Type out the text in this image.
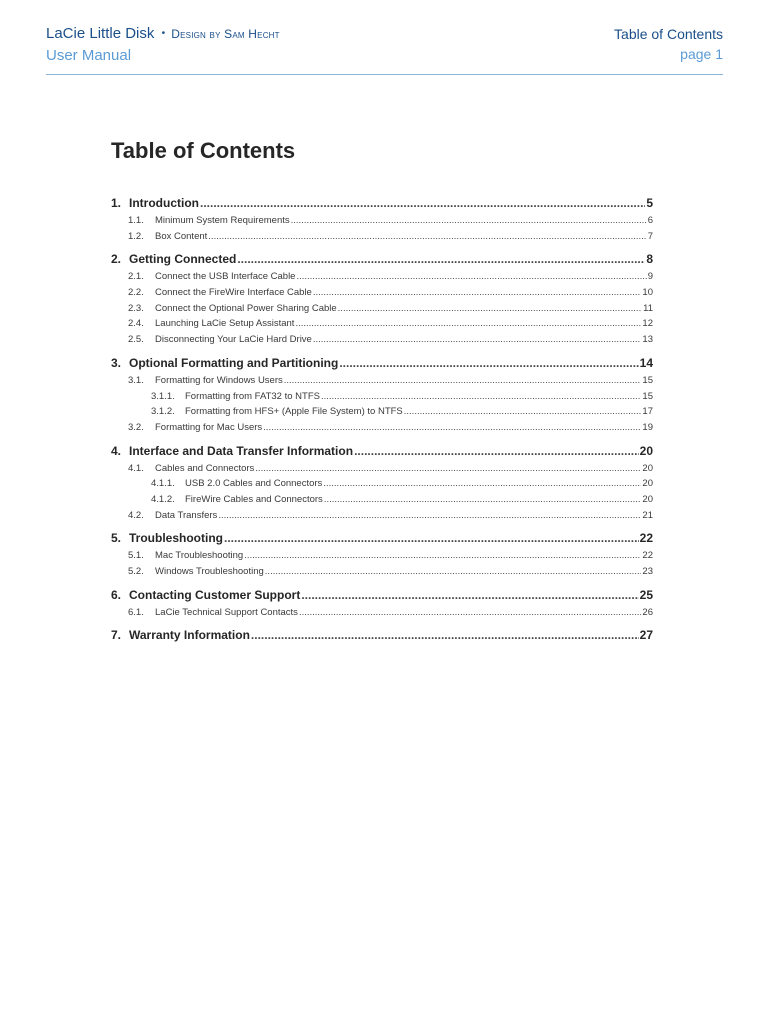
LaCie Little Disk • Design by Sam Hecht
User Manual
Table of Contents
page 1
Table of Contents
1. Introduction .....	5
1.1.	Minimum System Requirements .....	6
1.2.	Box Content .....	7
2. Getting Connected .....	8
2.1.	Connect the USB Interface Cable .....	9
2.2.	Connect the FireWire Interface Cable .....	10
2.3.	Connect the Optional Power Sharing Cable .....	11
2.4.	Launching LaCie Setup Assistant .....	12
2.5.	Disconnecting Your LaCie Hard Drive .....	13
3. Optional Formatting and Partitioning .....	14
3.1.	Formatting for Windows Users .....	15
3.1.1.	Formatting from FAT32 to NTFS .....	15
3.1.2.	Formatting from HFS+ (Apple File System) to NTFS .....	17
3.2.	Formatting for Mac Users .....	19
4. Interface and Data Transfer Information .....	20
4.1.	Cables and Connectors .....	20
4.1.1.	USB 2.0 Cables and Connectors .....	20
4.1.2.	FireWire Cables and Connectors .....	20
4.2.	Data Transfers .....	21
5. Troubleshooting .....	22
5.1.	Mac Troubleshooting .....	22
5.2.	Windows Troubleshooting .....	23
6. Contacting Customer Support .....	25
6.1.	LaCie Technical Support Contacts .....	26
7. Warranty Information .....	27
